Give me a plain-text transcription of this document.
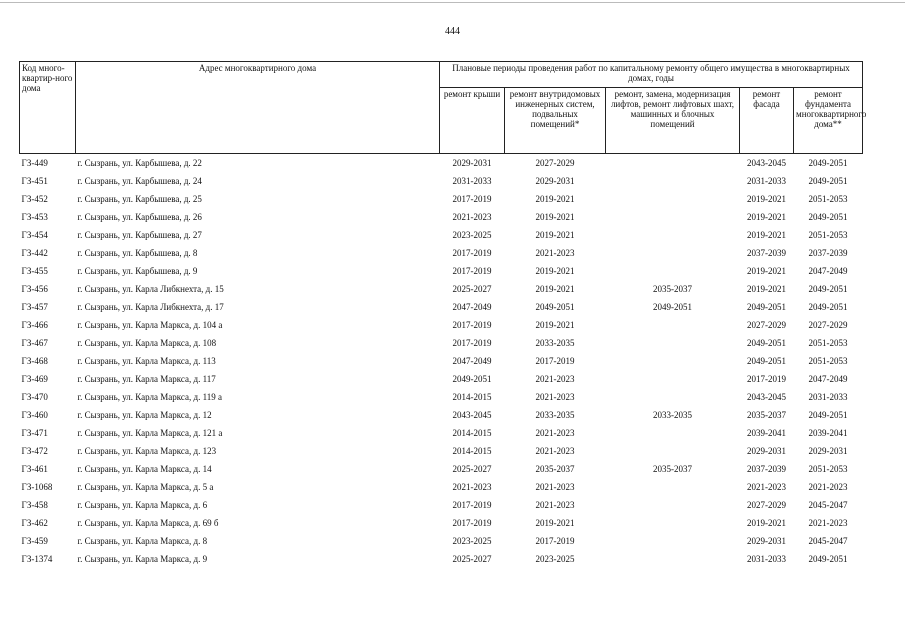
444
Код много-квартир-ного дома	Адрес многоквартирного дома	Плановые периоды проведения работ по капитальному ремонту общего имущества в многоквартирных домах, годы				
		ремонт крыши	ремонт внутридомовых инженерных систем, подвальных помещений*	ремонт, замена, модернизация лифтов, ремонт лифтовых шахт, машинных и блочных помещений	ремонт фасада	ремонт фундамента многоквартирного дома**
ГЗ-449	г. Сызрань, ул. Карбышева, д. 22	2029-2031	2027-2029		2043-2045	2049-2051
ГЗ-451	г. Сызрань, ул. Карбышева, д. 24	2031-2033	2029-2031		2031-2033	2049-2051
ГЗ-452	г. Сызрань, ул. Карбышева, д. 25	2017-2019	2019-2021		2019-2021	2051-2053
ГЗ-453	г. Сызрань, ул. Карбышева, д. 26	2021-2023	2019-2021		2019-2021	2049-2051
ГЗ-454	г. Сызрань, ул. Карбышева, д. 27	2023-2025	2019-2021		2019-2021	2051-2053
ГЗ-442	г. Сызрань, ул. Карбышева, д. 8	2017-2019	2021-2023		2037-2039	2037-2039
ГЗ-455	г. Сызрань, ул. Карбышева, д. 9	2017-2019	2019-2021		2019-2021	2047-2049
ГЗ-456	г. Сызрань, ул. Карла Либкнехта, д. 15	2025-2027	2019-2021	2035-2037	2019-2021	2049-2051
ГЗ-457	г. Сызрань, ул. Карла Либкнехта, д. 17	2047-2049	2049-2051	2049-2051	2049-2051	2049-2051
ГЗ-466	г. Сызрань, ул. Карла Маркса, д. 104 а	2017-2019	2019-2021		2027-2029	2027-2029
ГЗ-467	г. Сызрань, ул. Карла Маркса, д. 108	2017-2019	2033-2035		2049-2051	2051-2053
ГЗ-468	г. Сызрань, ул. Карла Маркса, д. 113	2047-2049	2017-2019		2049-2051	2051-2053
ГЗ-469	г. Сызрань, ул. Карла Маркса, д. 117	2049-2051	2021-2023		2017-2019	2047-2049
ГЗ-470	г. Сызрань, ул. Карла Маркса, д. 119 а	2014-2015	2021-2023		2043-2045	2031-2033
ГЗ-460	г. Сызрань, ул. Карла Маркса, д. 12	2043-2045	2033-2035	2033-2035	2035-2037	2049-2051
ГЗ-471	г. Сызрань, ул. Карла Маркса, д. 121 а	2014-2015	2021-2023		2039-2041	2039-2041
ГЗ-472	г. Сызрань, ул. Карла Маркса, д. 123	2014-2015	2021-2023		2029-2031	2029-2031
ГЗ-461	г. Сызрань, ул. Карла Маркса, д. 14	2025-2027	2035-2037	2035-2037	2037-2039	2051-2053
ГЗ-1068	г. Сызрань, ул. Карла Маркса, д. 5 а	2021-2023	2021-2023		2021-2023	2021-2023
ГЗ-458	г. Сызрань, ул. Карла Маркса, д. 6	2017-2019	2021-2023		2027-2029	2045-2047
ГЗ-462	г. Сызрань, ул. Карла Маркса, д. 69 б	2017-2019	2019-2021		2019-2021	2021-2023
ГЗ-459	г. Сызрань, ул. Карла Маркса, д. 8	2023-2025	2017-2019		2029-2031	2045-2047
ГЗ-1374	г. Сызрань, ул. Карла Маркса, д. 9	2025-2027	2023-2025		2031-2033	2049-2051
